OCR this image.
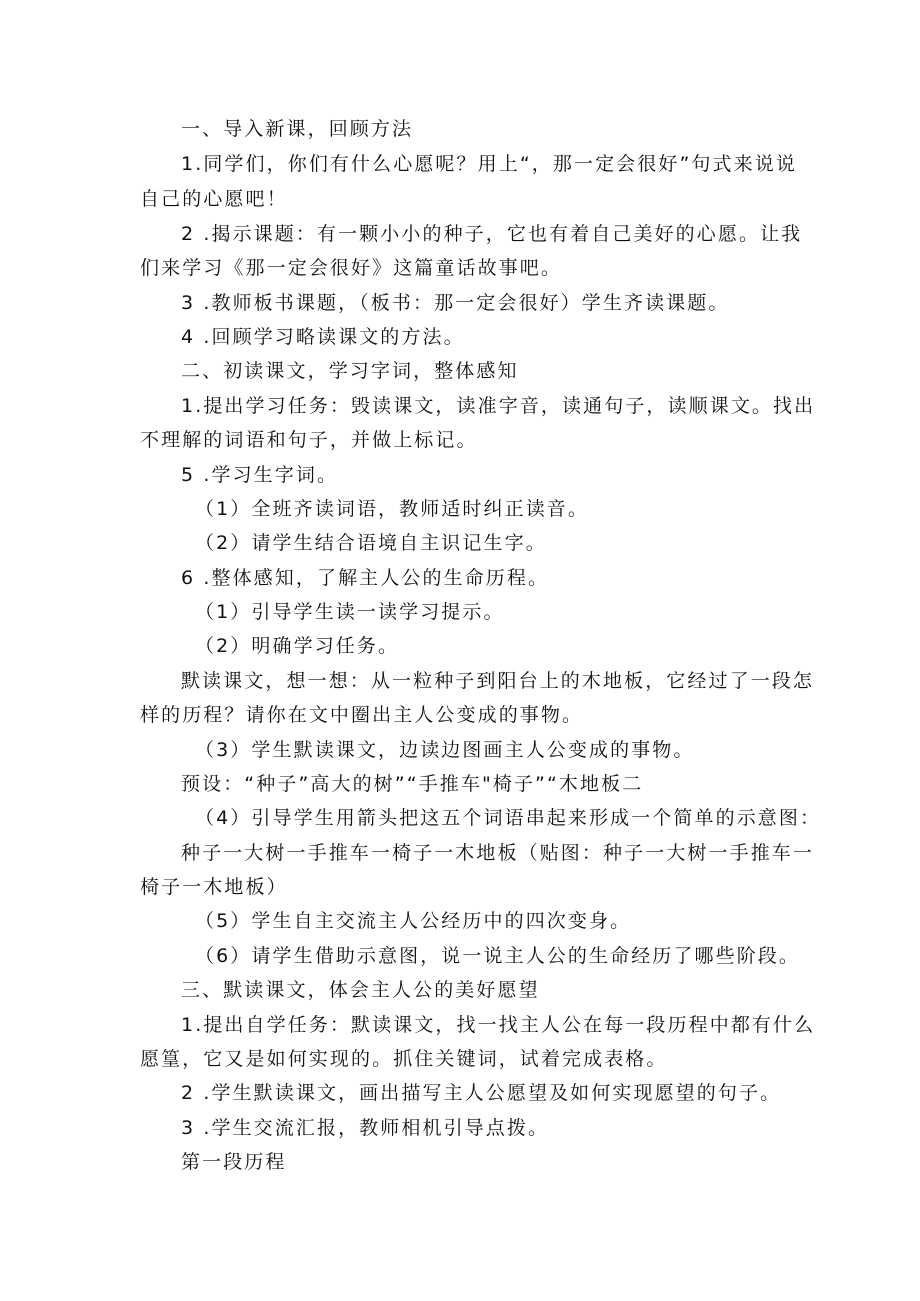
一、导入新课，回顾方法
1.同学们，你们有什么心愿呢？用上“，那一定会很好”句式来说说
自己的心愿吧！
2 .揭示课题：有一颗小小的种子，它也有着自己美好的心愿。让我
们来学习《那一定会很好》这篇童话故事吧。
3 .教师板书课题，（板书：那一定会很好）学生齐读课题。
4 .回顾学习略读课文的方法。
二、初读课文，学习字词，整体感知
1.提出学习任务：毁读课文，读准字音，读通句子，读顺课文。找出
不理解的词语和句子，并做上标记。
5 .学习生字词。
（1）全班齐读词语，教师适时纠正读音。
（2）请学生结合语境自主识记生字。
6 .整体感知，了解主人公的生命历程。
（1）引导学生读一读学习提示。
（2）明确学习任务。
默读课文，想一想：从一粒种子到阳台上的木地板，它经过了一段怎
样的历程？请你在文中圈出主人公变成的事物。
（3）学生默读课文，边读边图画主人公变成的事物。
预设：“种子”高大的树”“手推车"椅子”“木地板二
（4）引导学生用箭头把这五个词语串起来形成一个简单的示意图：
种子一大树一手推车一椅子一木地板（贴图：种子一大树一手推车一
椅子一木地板）
（5）学生自主交流主人公经历中的四次变身。
（6）请学生借助示意图，说一说主人公的生命经历了哪些阶段。
三、默读课文，体会主人公的美好愿望
1.提出自学任务：默读课文，找一找主人公在每一段历程中都有什么
愿篁，它又是如何实现的。抓住关键词，试着完成表格。
2 .学生默读课文，画出描写主人公愿望及如何实现愿望的句子。
3 .学生交流汇报，教师相机引导点拨。
第一段历程
